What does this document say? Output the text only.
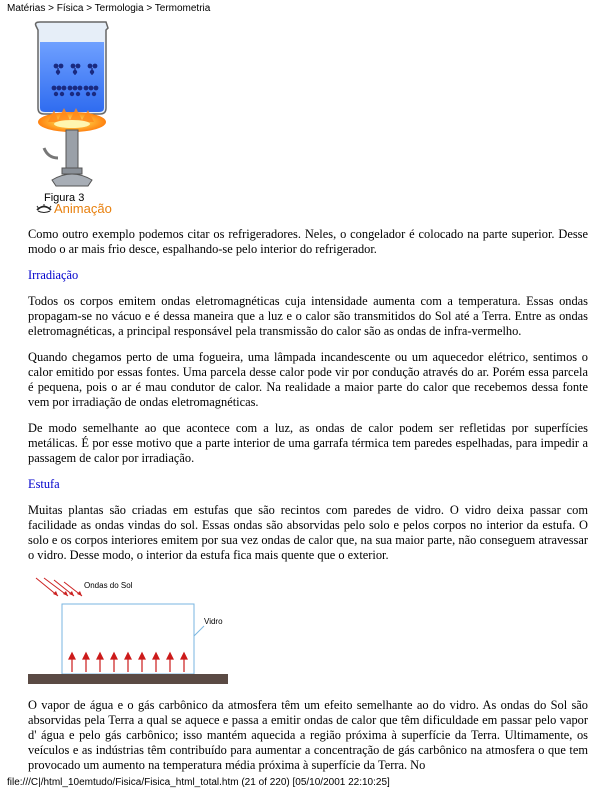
Matérias > Física > Termologia > Termometria
Figura 3
Animação

Como outro exemplo podemos citar os refrigeradores. Neles, o congelador é colocado na parte superior. Desse modo o ar mais frio desce, espalhando-se pelo interior do refrigerador.

Irradiação

Todos os corpos emitem ondas eletromagnéticas cuja intensidade aumenta com a temperatura. Essas ondas propagam-se no vácuo e é dessa maneira que a luz e o calor são transmitidos do Sol até a Terra. Entre as ondas eletromagnéticas, a principal responsável pela transmissão do calor são as ondas de infra-vermelho.

Quando chegamos perto de uma fogueira, uma lâmpada incandescente ou um aquecedor elétrico, sentimos o calor emitido por essas fontes. Uma parcela desse calor pode vir por condução através do ar. Porém essa parcela é pequena, pois o ar é mau condutor de calor. Na realidade a maior parte do calor que recebemos dessa fonte vem por irradiação de ondas eletromagnéticas.

De modo semelhante ao que acontece com a luz, as ondas de calor podem ser refletidas por superfícies metálicas. É por esse motivo que a parte interior de uma garrafa térmica tem paredes espelhadas, para impedir a passagem de calor por irradiação.

Estufa

Muitas plantas são criadas em estufas que são recintos com paredes de vidro. O vidro deixa passar com facilidade as ondas vindas do sol. Essas ondas são absorvidas pelo solo e pelos corpos no interior da estufa. O solo e os corpos interiores emitem por sua vez ondas de calor que, na sua maior parte, não conseguem atravessar o vidro. Desse modo, o interior da estufa fica mais quente que o exterior.

Ondas do Sol
Vidro

O vapor de água e o gás carbônico da atmosfera têm um efeito semelhante ao do vidro. As ondas do Sol são absorvidas pela Terra a qual se aquece e passa a emitir ondas de calor que têm dificuldade em passar pelo vapor d' água e pelo gás carbônico; isso mantém aquecida a região próxima à superfície da Terra. Ultimamente, os veículos e as indústrias têm contribuído para aumentar a concentração de gás carbônico na atmosfera o que tem provocado um aumento na temperatura média próxima à superfície da Terra. No

file:///C|/html_10emtudo/Fisica/Fisica_html_total.htm (21 of 220) [05/10/2001 22:10:25]
